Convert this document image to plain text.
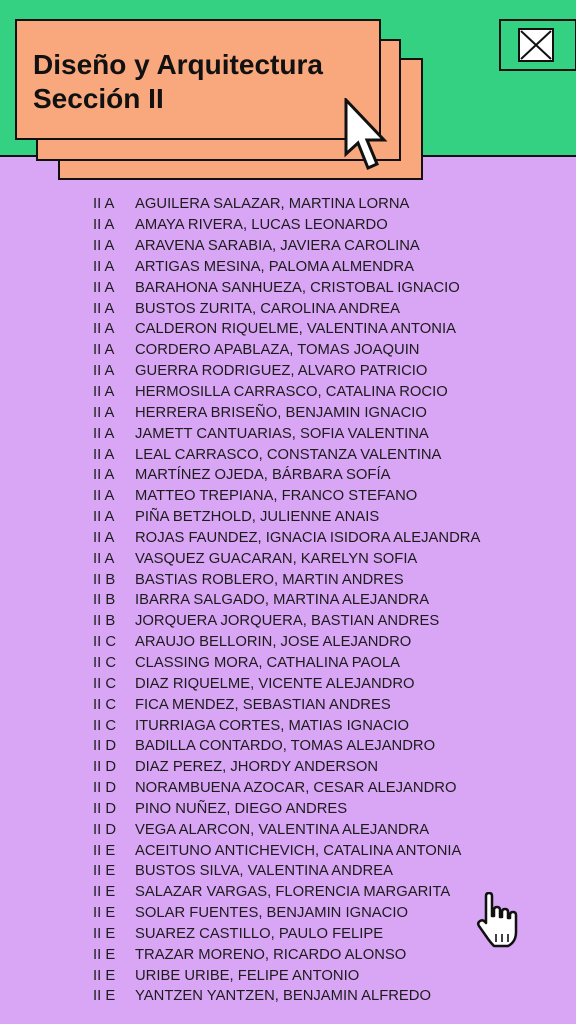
Diseño y Arquitectura
Sección II
II A	AGUILERA SALAZAR, MARTINA LORNA
II A	AMAYA RIVERA, LUCAS LEONARDO
II A	ARAVENA SARABIA, JAVIERA CAROLINA
II A	ARTIGAS MESINA, PALOMA ALMENDRA
II A	BARAHONA SANHUEZA, CRISTOBAL IGNACIO
II A	BUSTOS ZURITA, CAROLINA ANDREA
II A	CALDERON RIQUELME, VALENTINA ANTONIA
II A	CORDERO APABLAZA, TOMAS JOAQUIN
II A	GUERRA RODRIGUEZ, ALVARO PATRICIO
II A	HERMOSILLA CARRASCO, CATALINA ROCIO
II A	HERRERA BRISEÑO, BENJAMIN IGNACIO
II A	JAMETT CANTUARIAS, SOFIA VALENTINA
II A	LEAL CARRASCO, CONSTANZA VALENTINA
II A	MARTÍNEZ OJEDA, BÁRBARA SOFÍA
II A	MATTEO TREPIANA, FRANCO STEFANO
II A	PIÑA BETZHOLD, JULIENNE ANAIS
II A	ROJAS FAUNDEZ, IGNACIA ISIDORA ALEJANDRA
II A	VASQUEZ GUACARAN, KARELYN SOFIA
II B	BASTIAS ROBLERO, MARTIN ANDRES
II B	IBARRA SALGADO, MARTINA ALEJANDRA
II B	JORQUERA JORQUERA, BASTIAN ANDRES
II C	ARAUJO BELLORIN, JOSE ALEJANDRO
II C	CLASSING MORA, CATHALINA PAOLA
II C	DIAZ RIQUELME, VICENTE ALEJANDRO
II C	FICA MENDEZ, SEBASTIAN ANDRES
II C	ITURRIAGA CORTES, MATIAS IGNACIO
II D	BADILLA CONTARDO, TOMAS ALEJANDRO
II D	DIAZ PEREZ, JHORDY ANDERSON
II D	NORAMBUENA AZOCAR, CESAR ALEJANDRO
II D	PINO NUÑEZ, DIEGO ANDRES
II D	VEGA ALARCON, VALENTINA ALEJANDRA
II E	ACEITUNO ANTICHEVICH, CATALINA ANTONIA
II E	BUSTOS SILVA, VALENTINA ANDREA
II E	SALAZAR VARGAS, FLORENCIA MARGARITA
II E	SOLAR FUENTES, BENJAMIN IGNACIO
II E	SUAREZ CASTILLO, PAULO FELIPE
II E	TRAZAR MORENO, RICARDO ALONSO
II E	URIBE URIBE, FELIPE ANTONIO
II E	YANTZEN YANTZEN, BENJAMIN ALFREDO
